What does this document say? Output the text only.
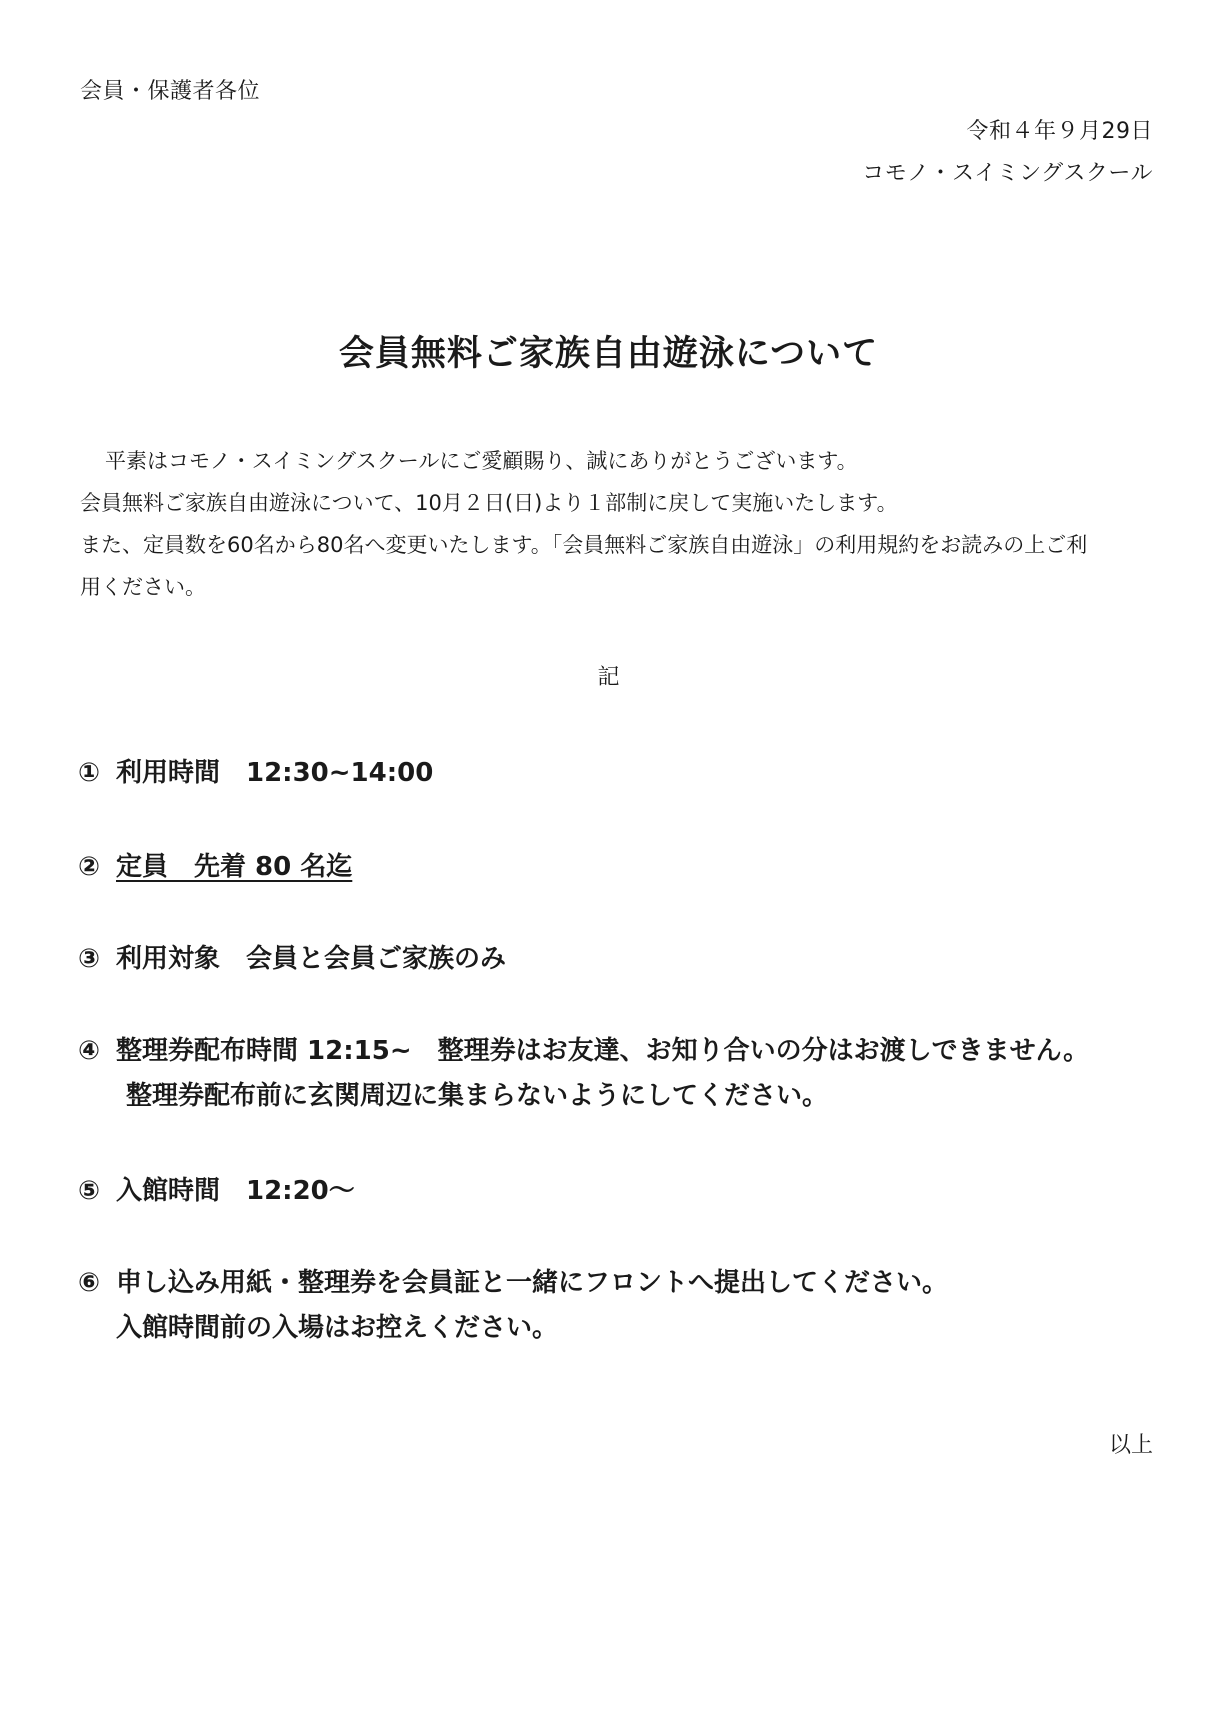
会員・保護者各位
令和４年９月29日
コモノ・スイミングスクール
会員無料ご家族自由遊泳について

平素はコモノ・スイミングスクールにご愛顧賜り、誠にありがとうございます。

会員無料ご家族自由遊泳について、10月２日(日)より１部制に戻して実施いたします。

また、定員数を60名から80名へ変更いたします。「会員無料ご家族自由遊泳」の利用規約をお読みの上ご利

用ください。

記
① 利用時間　12:30~14:00
② 定員　先着 80 名迄
③ 利用対象　会員と会員ご家族のみ
④ 整理券配布時間 12:15~　整理券はお友達、お知り合いの分はお渡しできません。
整理券配布前に玄関周辺に集まらないようにしてください。
⑤ 入館時間　12:20～
⑥ 申し込み用紙・整理券を会員証と一緒にフロントへ提出してください。
入館時間前の入場はお控えください。
以上
